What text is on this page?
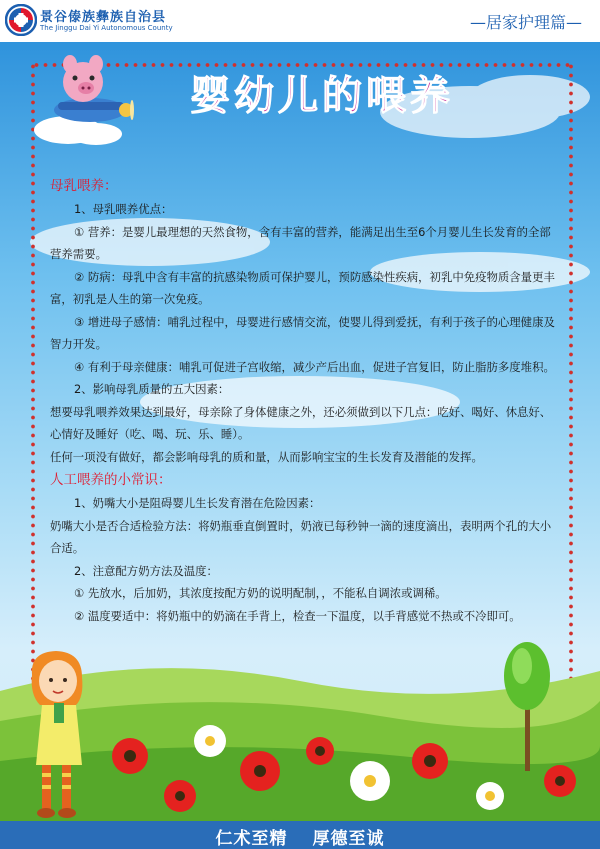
景谷傣族彝族自治县
The Jinggu Dai Yi Autonomous County	—居家护理篇—
婴幼儿的喂养

母乳喂养：

1、母乳喂养优点：

① 营养：是婴儿最理想的天然食物，含有丰富的营养，能满足出生至6个月婴儿生长发育的全部营养需要。

② 防病：母乳中含有丰富的抗感染物质可保护婴儿，预防感染性疾病，初乳中免疫物质含量更丰富，初乳是人生的第一次免疫。

③ 增进母子感情：哺乳过程中，母婴进行感情交流，使婴儿得到爱抚，有利于孩子的心理健康及智力开发。

④ 有利于母亲健康：哺乳可促进子宫收缩，减少产后出血，促进子宫复旧，防止脂肪多度堆积。

2、影响母乳质量的五大因素：

想要母乳喂养效果达到最好，母亲除了身体健康之外，还必须做到以下几点：吃好、喝好、休息好、心情好及睡好（吃、喝、玩、乐、睡）。

任何一项没有做好，都会影响母乳的质和量，从而影响宝宝的生长发育及潜能的发挥。

人工喂养的小常识：

1、奶嘴大小是阻碍婴儿生长发育潜在危险因素：

奶嘴大小是否合适检验方法：将奶瓶垂直倒置时，奶液已每秒钟一滴的速度滴出，表明两个孔的大小合适。

2、注意配方奶方法及温度：

① 先放水，后加奶，其浓度按配方奶的说明配制，，不能私自调浓或调稀。

② 温度要适中：将奶瓶中的奶滴在手背上，检查一下温度，以手背感觉不热或不冷即可。

仁术至精 厚德至诚
